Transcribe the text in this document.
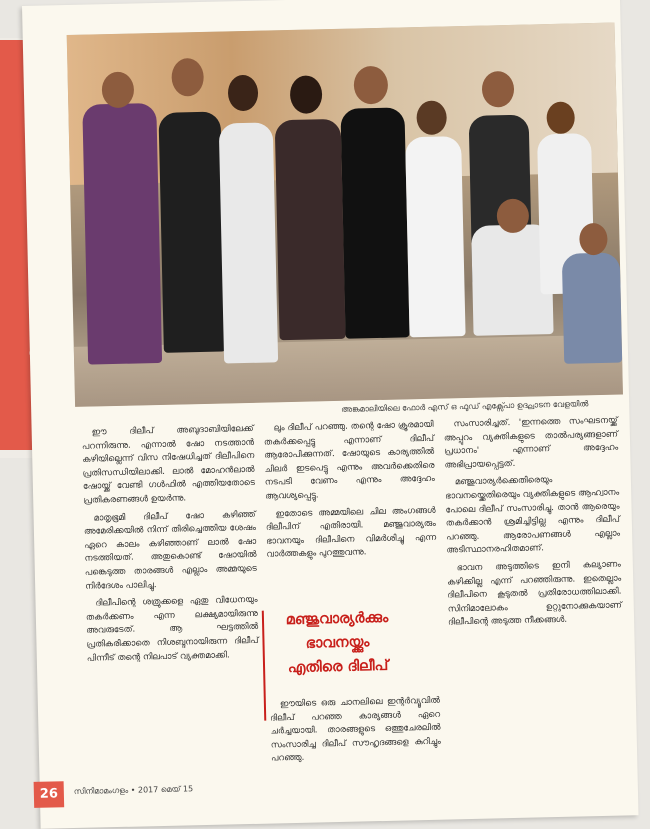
അങ്കമാലിയിലെ ഫോർ എസ് ഒ ഫുഡ് എക്സ്പോ ഉദ്ഘാടന വേളയിൽ

ഈ ദിലീപ് അബുദാബിയിലേക്ക് പറന്നിരുന്നു. എന്നാൽ ഷോ നടത്താൻ കഴിയില്ലെന്ന് വിസ നിഷേധിച്ചത് ദിലീപിനെ പ്രതിസന്ധിയിലാക്കി. ലാൽ മോഹൻലാൽ ഷോയ്ക്ക് വേണ്ടി ഗൾഫിൽ എത്തിയതോടെ പ്രതികരണങ്ങൾ ഉയർന്നു.

മാതൃഭൂമി ദിലീപ് ഷോ കഴിഞ്ഞ് അമേരിക്കയിൽ നിന്ന് തിരിച്ചെത്തിയ ശേഷം ഏറെ കാലം കഴിഞ്ഞാണ് ലാൽ ഷോ നടത്തിയത്. അതുകൊണ്ട് ഷോയിൽ പങ്കെടുത്ത താരങ്ങൾ എല്ലാം അമ്മയുടെ നിർദേശം പാലിച്ചു.

ദിലീപിന്റെ ശത്രുക്കളെ ഏതു വിധേനയും തകർക്കണം എന്ന ലക്ഷ്യമായിരുന്നു അവരുടേത്. ആ ഘട്ടത്തിൽ പ്രതികരിക്കാതെ നിശബ്ദനായിരുന്ന ദിലീപ് പിന്നീട് തന്റെ നിലപാട് വ്യക്തമാക്കി.

ലും ദിലീപ് പറഞ്ഞു. തന്റെ ഷോ ക്രൂരമായി തകർക്കപ്പെട്ടു എന്നാണ് ദിലീപ് ആരോപിക്കുന്നത്. ഷോയുടെ കാര്യത്തിൽ ചിലർ ഇടപെട്ടു എന്നും അവർക്കെതിരെ നടപടി വേണം എന്നും അദ്ദേഹം ആവശ്യപ്പെട്ടു.

ഇതോടെ അമ്മയിലെ ചില അംഗങ്ങൾ ദിലീപിന് എതിരായി. മഞ്ജുവാര്യരും ഭാവനയും ദിലീപിനെ വിമർശിച്ചു എന്ന വാർത്തകളും പുറത്തുവന്നു.

ഈയിടെ ഒരു ചാനലിലെ ഇന്റർവ്യൂവിൽ ദിലീപ് പറഞ്ഞ കാര്യങ്ങൾ ഏറെ ചർച്ചയായി. താരങ്ങളുടെ ഒത്തുചേരലിൽ സംസാരിച്ച ദിലീപ് സൗഹൃദങ്ങളെ കുറിച്ചും പറഞ്ഞു.

മഞ്ജുവാര്യർക്കും
ഭാവനയ്ക്കും
എതിരെ ദിലീപ്

സംസാരിച്ചത്. 'ഇന്നത്തെ സംഘടനയ്ക്ക് അപ്പുറം വ്യക്തികളുടെ താൽപര്യങ്ങളാണ് പ്രധാനം' എന്നാണ് അദ്ദേഹം അഭിപ്രായപ്പെട്ടത്.

മഞ്ജുവാര്യർക്കെതിരെയും ഭാവനയ്ക്കെതിരെയും വ്യക്തികളുടെ ആഹ്വാനം പോലെ ദിലീപ് സംസാരിച്ചു. താൻ ആരെയും തകർക്കാൻ ശ്രമിച്ചിട്ടില്ല എന്നും ദിലീപ് പറഞ്ഞു. ആരോപണങ്ങൾ എല്ലാം അടിസ്ഥാനരഹിതമാണ്.

ഭാവന അടുത്തിടെ ഇനി കല്യാണം കഴിക്കില്ല എന്ന് പറഞ്ഞിരുന്നു. ഇതെല്ലാം ദിലീപിനെ കൂടുതൽ പ്രതിരോധത്തിലാക്കി. സിനിമാലോകം ഉറ്റുനോക്കുകയാണ് ദിലീപിന്റെ അടുത്ത നീക്കങ്ങൾ.

26	സിനിമാമംഗളം • 2017 മെയ് 15
